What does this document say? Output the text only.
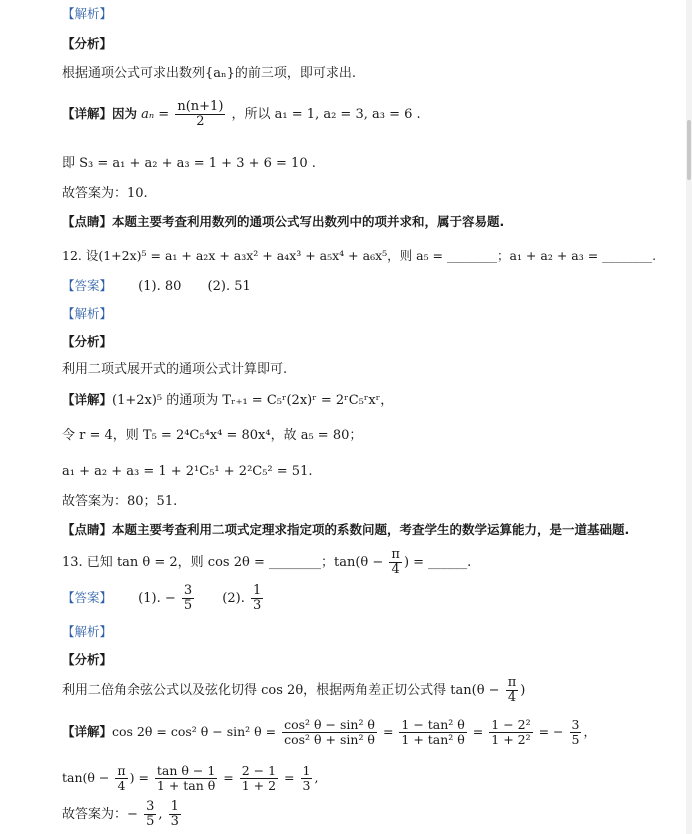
【解析】
【分析】
根据通项公式可求出数列{aₙ}的前三项，即可求出.
【详解】因为 $a_n = \frac{n(n+1)}{2}$ ，所以 a₁ = 1, a₂ = 3, a₃ = 6 .
即 S₃ = a₁ + a₂ + a₃ = 1 + 3 + 6 = 10 .
故答案为：10.
【点睛】本题主要考查利用数列的通项公式写出数列中的项并求和，属于容易题.
12. 设(1+2x)⁵ = a₁ + a₂x + a₃x² + a₄x³ + a₅x⁴ + a₆x⁵，则 a₅ = ________；a₁ + a₂ + a₃ = ________.
【答案】 (1). 80 (2). 51
【解析】
【分析】
利用二项式展开式的通项公式计算即可.
【详解】(1+2x)⁵ 的通项为 Tᵣ₊₁ = C₅ʳ(2x)ʳ = 2ʳC₅ʳxʳ，
令 r = 4，则 T₅ = 2⁴C₅⁴x⁴ = 80x⁴，故 a₅ = 80；
a₁ + a₂ + a₃ = 1 + 2¹C₅¹ + 2²C₅² = 51.
故答案为：80；51.
【点睛】本题主要考查利用二项式定理求指定项的系数问题，考查学生的数学运算能力，是一道基础题.
13. 已知 tan θ = 2，则 cos 2θ = ________；$\tan(\theta - \frac{\pi}{4}$ ) = ______.
【答案】 (1). − $\frac{3}{5} (2)$. $\frac{1}{3}$
【解析】
【分析】
利用二倍角余弦公式以及弦化切得 cos 2θ，根据两角差正切公式得 $\tan(\theta - \frac{\pi}{4}$ )
【详解】cos 2θ = cos² θ − sin² $\theta = \frac{\text{cos² θ − sin² θ}}{\text{cos² θ + sin² θ}} = \frac{\text{1 − tan² θ}}{\text{1 + tan² θ}} = \frac{\text{1 − 2²}}{\text{1 + 2²}}$ = − $\frac{3}{5}$ ，
$\tan(\theta - \frac{\pi}{4}$ ) = $\frac{\text{tan θ − 1}}{\text{1 + tan θ}} = \frac{2 - 1}{1 + 2} = \frac{1}{3}$ ,
故答案为：− $\frac{3}{5}$ , $\frac{1}{3}$
